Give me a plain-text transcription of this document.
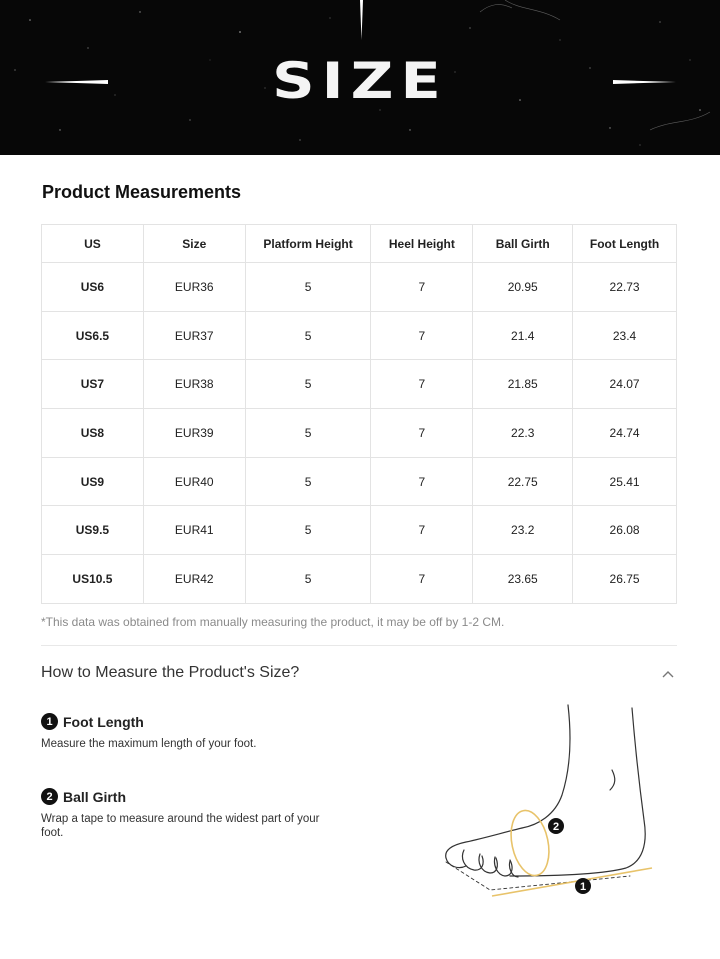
SIZE
Product Measurements
US	Size	Platform Height	Heel Height	Ball Girth	Foot Length
US6	EUR36	5	7	20.95	22.73
US6.5	EUR37	5	7	21.4	23.4
US7	EUR38	5	7	21.85	24.07
US8	EUR39	5	7	22.3	24.74
US9	EUR40	5	7	22.75	25.41
US9.5	EUR41	5	7	23.2	26.08
US10.5	EUR42	5	7	23.65	26.75
*This data was obtained from manually measuring the product, it may be off by 1-2 CM.
How to Measure the Product's Size?
1 Foot Length
Measure the maximum length of your foot.
2 Ball Girth
Wrap a tape to measure around the widest part of your foot.	2
1
